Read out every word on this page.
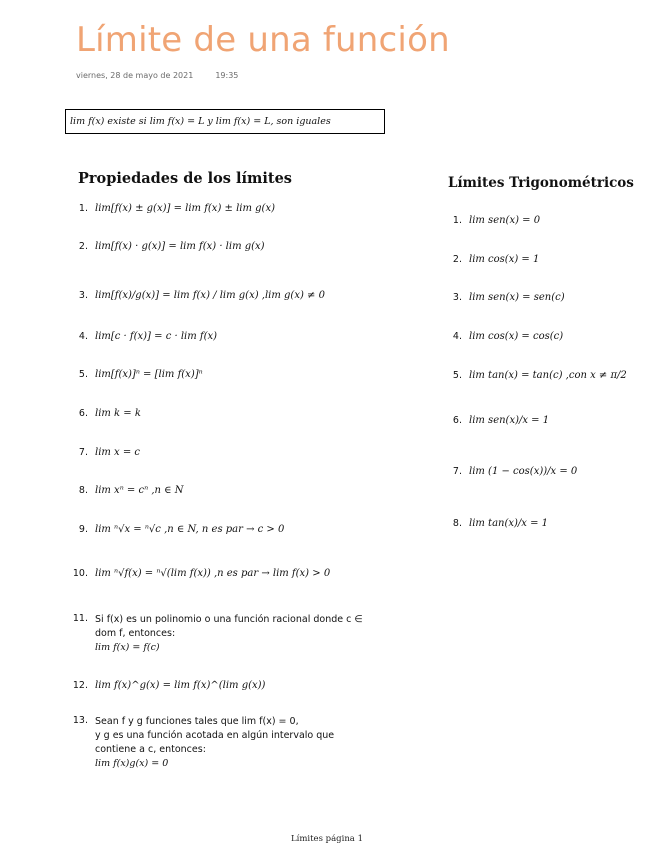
Límite de una función
viernes, 28 de mayo de 2021	19:35
lim f(x) existe si lim f(x) = L y lim f(x) = L, son iguales
Propiedades de los límites	Límites Trigonométricos
1. lim[f(x) ± g(x)] = lim f(x) ± lim g(x)
2. lim[f(x) · g(x)] = lim f(x) · lim g(x)
3. lim[f(x)/g(x)] = lim f(x) / lim g(x) ,lim g(x) ≠ 0
4. lim[c · f(x)] = c · lim f(x)
5. lim[f(x)]ⁿ = [lim f(x)]ⁿ
6. lim k = k
7. lim x = c
8. lim xⁿ = cⁿ ,n ∈ N
9. lim ⁿ√x = ⁿ√c ,n ∈ N, n es par → c > 0
10. lim ⁿ√f(x) = ⁿ√(lim f(x)) ,n es par → lim f(x) > 0
11. Si f(x) es un polinomio o una función racional donde c ∈
dom f, entonces:
lim f(x) = f(c)
12. lim f(x)^g(x) = lim f(x)^(lim g(x))
13. Sean f y g funciones tales que lim f(x) = 0,
y g es una función acotada en algún intervalo que
contiene a c, entonces:
lim f(x)g(x) = 0
1. lim sen(x) = 0
2. lim cos(x) = 1
3. lim sen(x) = sen(c)
4. lim cos(x) = cos(c)
5. lim tan(x) = tan(c) ,con x ≠ π/2
6. lim sen(x)/x = 1
7. lim (1 − cos(x))/x = 0
8. lim tan(x)/x = 1
Límites página 1
